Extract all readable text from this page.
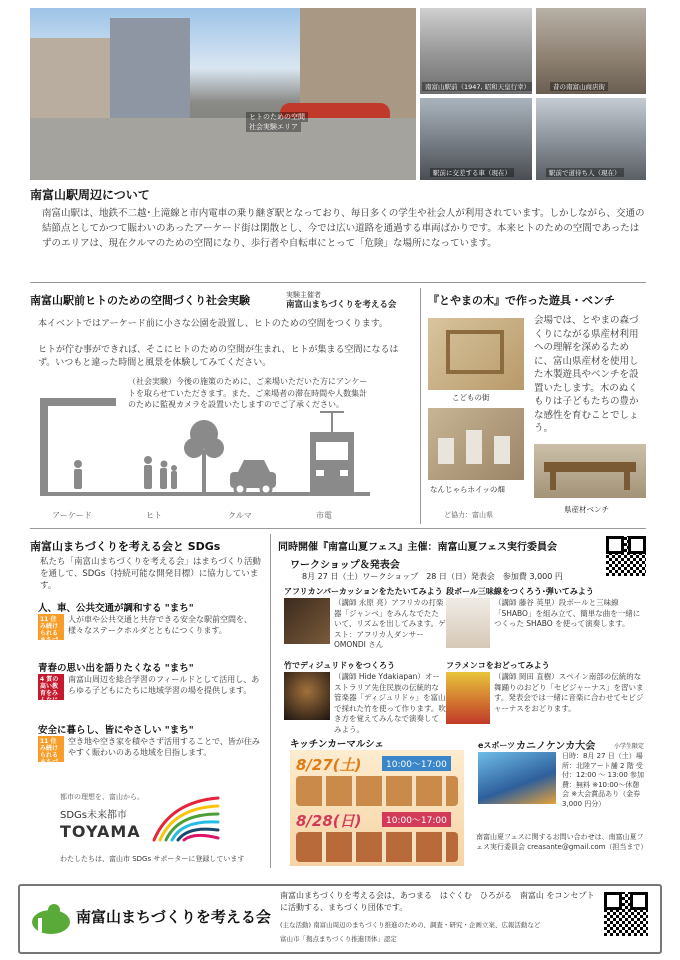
ヒトのための空間
社会実験エリア
南富山駅前（1947, 昭和天皇行幸）	昔の南富山商店街
駅前に交差する車（現在）	駅前で道待ち人（現在）
南富山駅周辺について
南富山駅は、地鉄不二越･上滝線と市内電車の乗り継ぎ駅となっており、毎日多くの学生や社会人が利用されています。しかしながら、交通の結節点としてかつて賑わいのあったアーケード街は閑散とし、今では広い道路を通過する車両ばかりです。本来ヒトのための空間であったはずのエリアは、現在クルマのための空間になり、歩行者や自転車にとって「危険」な場所になっています。
南富山駅前ヒトのための空間づくり社会実験	実験主催者
南富山まちづくりを考える会
本イベントではアーケード前に小さな公園を設置し、ヒトのための空間をつくります。
ヒトが佇む事ができれば、そこにヒトのための空間が生まれ、ヒトが集まる空間になるはず。いつもと違った時間と風景を体験してみてください。
（社会実験）今後の施策のために、ご来場いただいた方にアンケートを取らせていただきます。また、ご来場者の滞在時間や人数集計のために監視カメラを設置いたしますのでご了承ください。
アーケード	ヒト	クルマ	市電
『とやまの木』で作った遊具・ベンチ
こどもの街
なんじゃらホイッの畑
会場では、とやまの森づくりにながる県産材利用への理解を深めるために、富山県産材を使用した木製遊具やベンチを設置いたします。木のぬくもりは子どもたちの豊かな感性を育むことでしょう。
県産材ベンチ
ど協力：富山県
南富山まちづくりを考える会と SDGs
私たち「南富山まちづくりを考える会」はまちづくり活動を通して、SDGs（持続可能な開発目標）に協力しています。
人、車、公共交通が調和する "まち"
11 住み続けられるまちづくりを
人が車や公共交通と共存できる安全な駅前空間を、様々なステークホルダとともにつくります。
青春の思い出を語りたくなる "まち"
4 質の高い教育をみんなに
南富山周辺を総合学習のフィールドとして活用し、あらゆる子どもにたちに地域学習の場を提供します。
安全に暮らし、皆にやさしい "まち"
11 住み続けられるまちづくりを
空き地や空き家を積やさず活用することで、皆が住みやすく賑わいのある地域を目指します。
都市の理想を、富山から。
SDGs未来都市
TOYAMA
わたしたちは、富山市 SDGs サポーターに登録しています
同時開催『南富山夏フェス』主催：南富山夏フェス実行委員会
ワークショップ＆発表会
8月 27 日（土）ワークショップ　28 日（日）発表会　参加費 3,000 円
アフリカンパーカッションをたたいてみよう
（講師 永原 亮）アフリカの打楽器「ジャンベ」をみんなでたたいて、リズムを出してみます。ゲスト：アフリカ人ダンサー OMONDI さん
段ボール三味線をつくろう･弾いてみよう
（講師 藤谷 英里）段ボールと三味線「SHABO」を組み立て、簡単な曲を一緒につくった SHABO を使って演奏します。
竹でディジュリドゥをつくろう
（講師 Hide Ydakiapan）オーストラリア先住民族の伝統的な管楽器「ディジュリドゥ」を富山で採れた竹を使って作ります。吹き方を覚えてみんなで演奏してみよう。
フラメンコをおどってみよう
（講師 岡田 直樹）スペイン南部の伝統的な舞踊りのおどり「セビジャーナス」を習います。発表会では一緒に音楽に合わせてセビジャーナスをおどります。
キッチンカーマルシェ
8/27(土)	10:00～17:00
8/28(日)	10:00～17:00
eスポーツ カニノケンカ大会	小学生限定
日時：8月 27 日（土）場所：北陸アート舗 2 階 受付：12:00 ～ 13:00 参加費：無料 ※10:00～休憩会 ※大会賞品あり（金券 3,000 円分）
南富山夏フェスに関するお問い合わせは、南富山夏フェス実行委員会 creasante@gmail.com（担当まで）
南富山まちづくりを考える会
南富山まちづくりを考える会は、あつまる　はぐくむ　ひろがる　南富山 をコンセプトに活動する、まちづくり団体です。
(主な活動) 南富山周辺のまちづくり推進のための、調査・研究・企画立案、広報活動など
富山市「拠点まちづくり推進団体」認定
